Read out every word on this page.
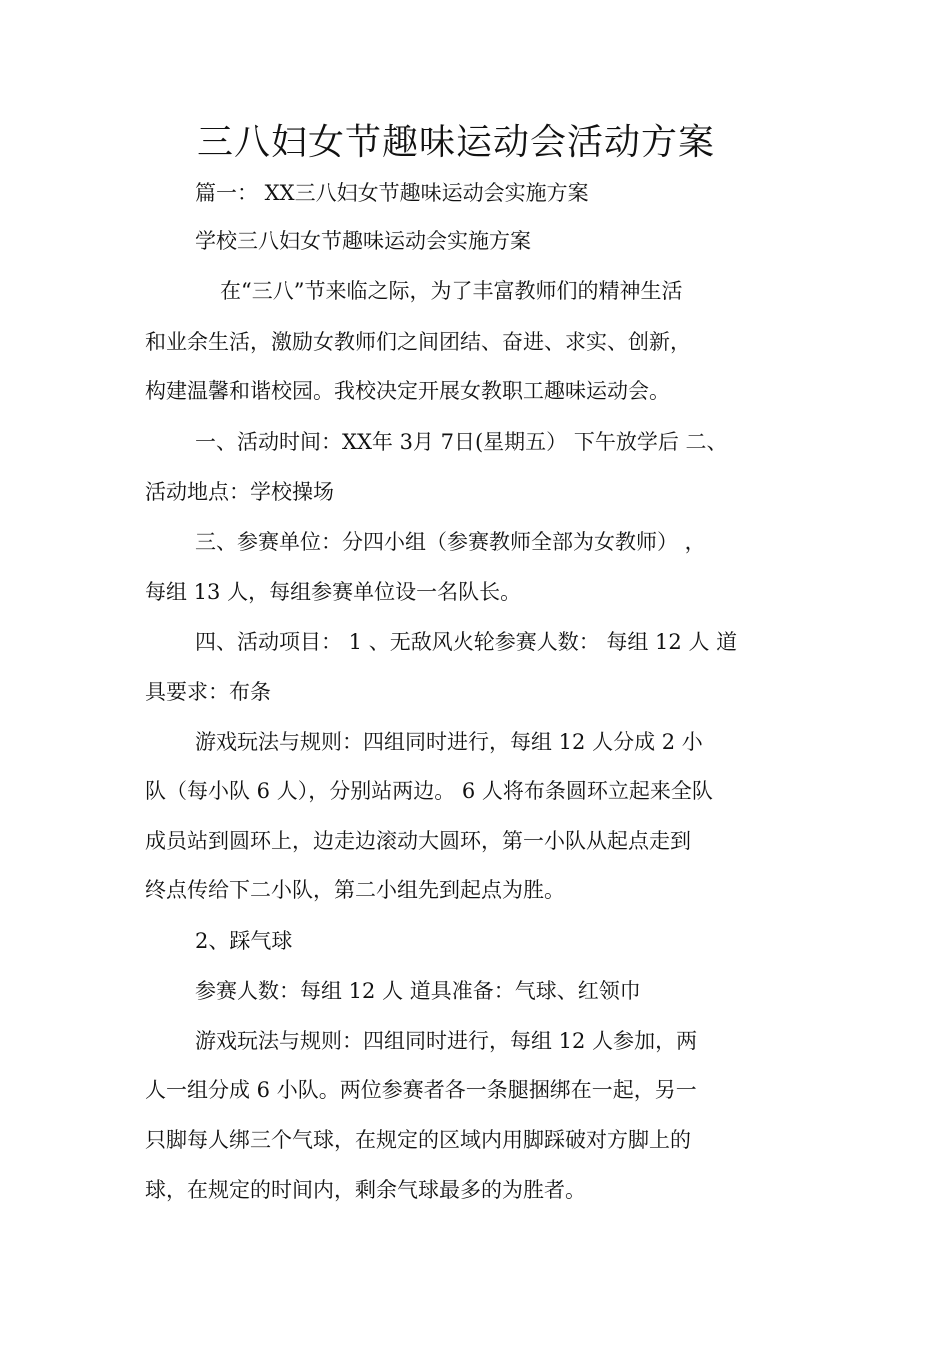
三八妇女节趣味运动会活动方案
篇一： XX三八妇女节趣味运动会实施方案
学校三八妇女节趣味运动会实施方案
在“三八”节来临之际，为了丰富教师们的精神生活
和业余生活，激励女教师们之间团结、奋进、求实、创新，
构建温馨和谐校园。我校决定开展女教职工趣味运动会。
一、活动时间：XX年 3月 7日(星期五） 下午放学后 二、
活动地点：学校操场
三、参赛单位：分四小组（参赛教师全部为女教师） ，
每组 13 人，每组参赛单位设一名队长。
四、活动项目： 1 、无敌风火轮参赛人数： 每组 12 人 道
具要求：布条
游戏玩法与规则：四组同时进行，每组 12 人分成 2 小
队（每小队 6 人），分别站两边。 6 人将布条圆环立起来全队
成员站到圆环上，边走边滚动大圆环，第一小队从起点走到
终点传给下二小队，第二小组先到起点为胜。
2、踩气球
参赛人数：每组 12 人 道具准备：气球、红领巾
游戏玩法与规则：四组同时进行，每组 12 人参加，两
人一组分成 6 小队。两位参赛者各一条腿捆绑在一起，另一
只脚每人绑三个气球，在规定的区域内用脚踩破对方脚上的
球，在规定的时间内，剩余气球最多的为胜者。
